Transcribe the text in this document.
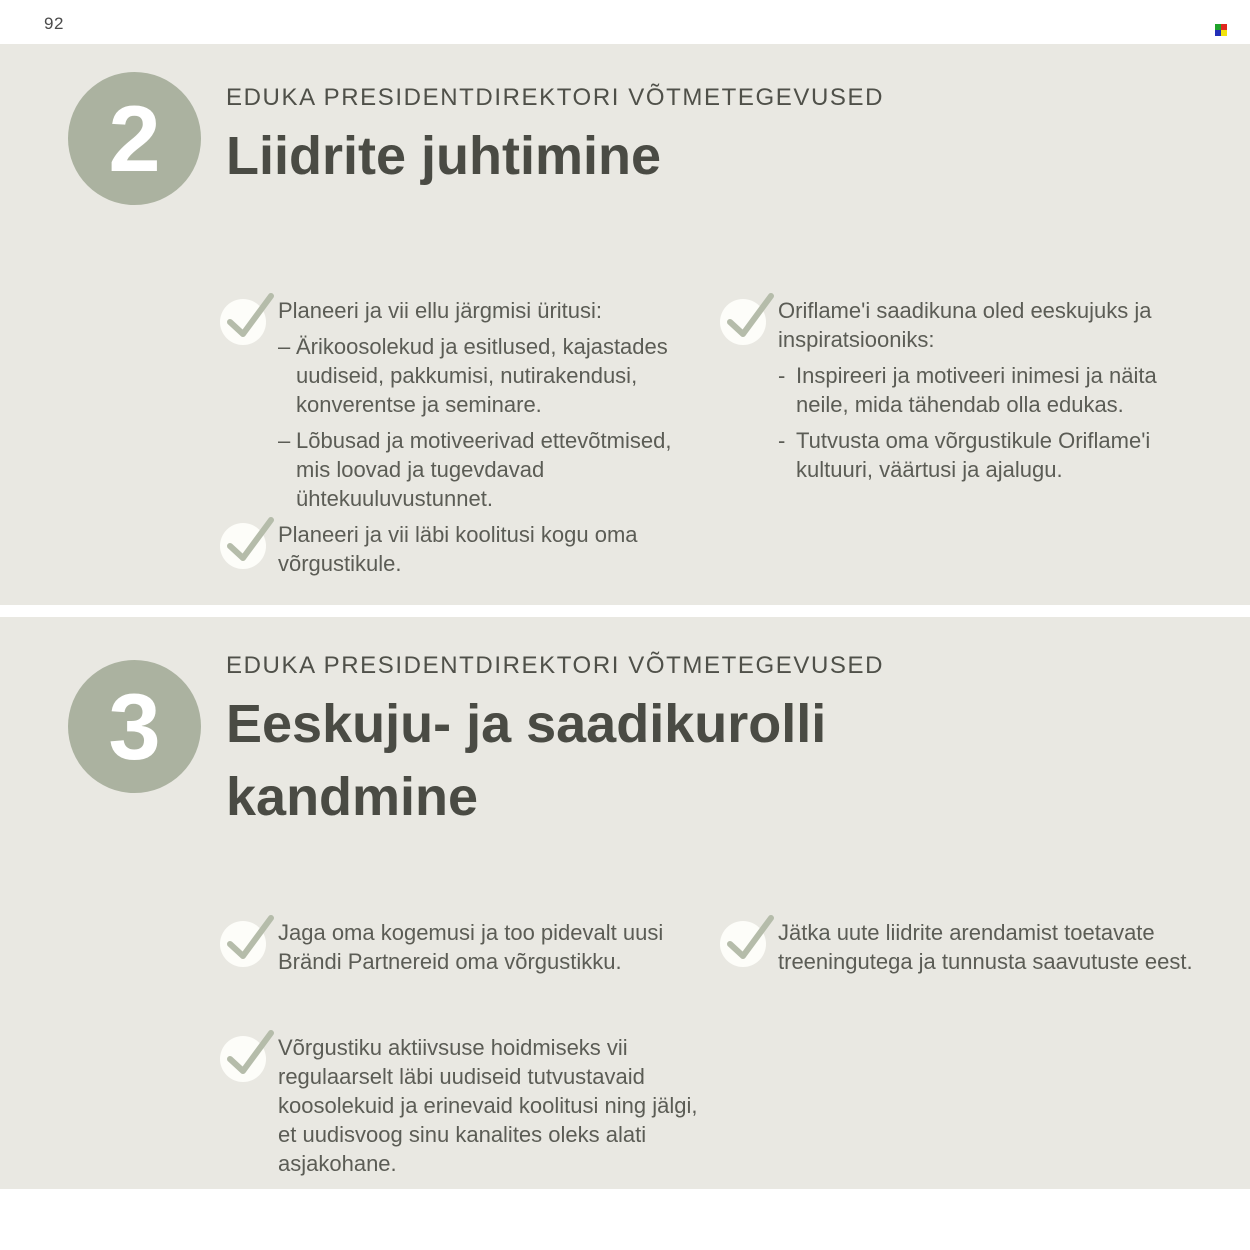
92
2	EDUKA PRESIDENTDIREKTORI VÕTMETEGEVUSED

Liidrite juhtimine
Planeeri ja vii ellu järgmisi üritusi:
– Ärikoosolekud ja esitlused, kajastades uudiseid, pakkumisi, nutirakendusi, konverentse ja seminare.
– Lõbusad ja motiveerivad ettevõtmised, mis loovad ja tugevdavad ühtekuuluvustunnet.
Planeeri ja vii läbi koolitusi kogu oma võrgustikule.
Oriflame'i saadikuna oled eeskujuks ja inspiratsiooniks:
- Inspireeri ja motiveeri inimesi ja näita neile, mida tähendab olla edukas.
- Tutvusta oma võrgustikule Oriflame'i kultuuri, väärtusi ja ajalugu.
3

EDUKA PRESIDENTDIREKTORI VÕTMETEGEVUSED

Eeskuju- ja saadikurolli kandmine
Jaga oma kogemusi ja too pidevalt uusi Brändi Partnereid oma võrgustikku.
Võrgustiku aktiivsuse hoidmiseks vii regulaarselt läbi uudiseid tutvustavaid koosolekuid ja erinevaid koolitusi ning jälgi, et uudisvoog sinu kanalites oleks alati asjakohane.
Jätka uute liidrite arendamist toetavate treeningutega ja tunnusta saavutuste eest.
